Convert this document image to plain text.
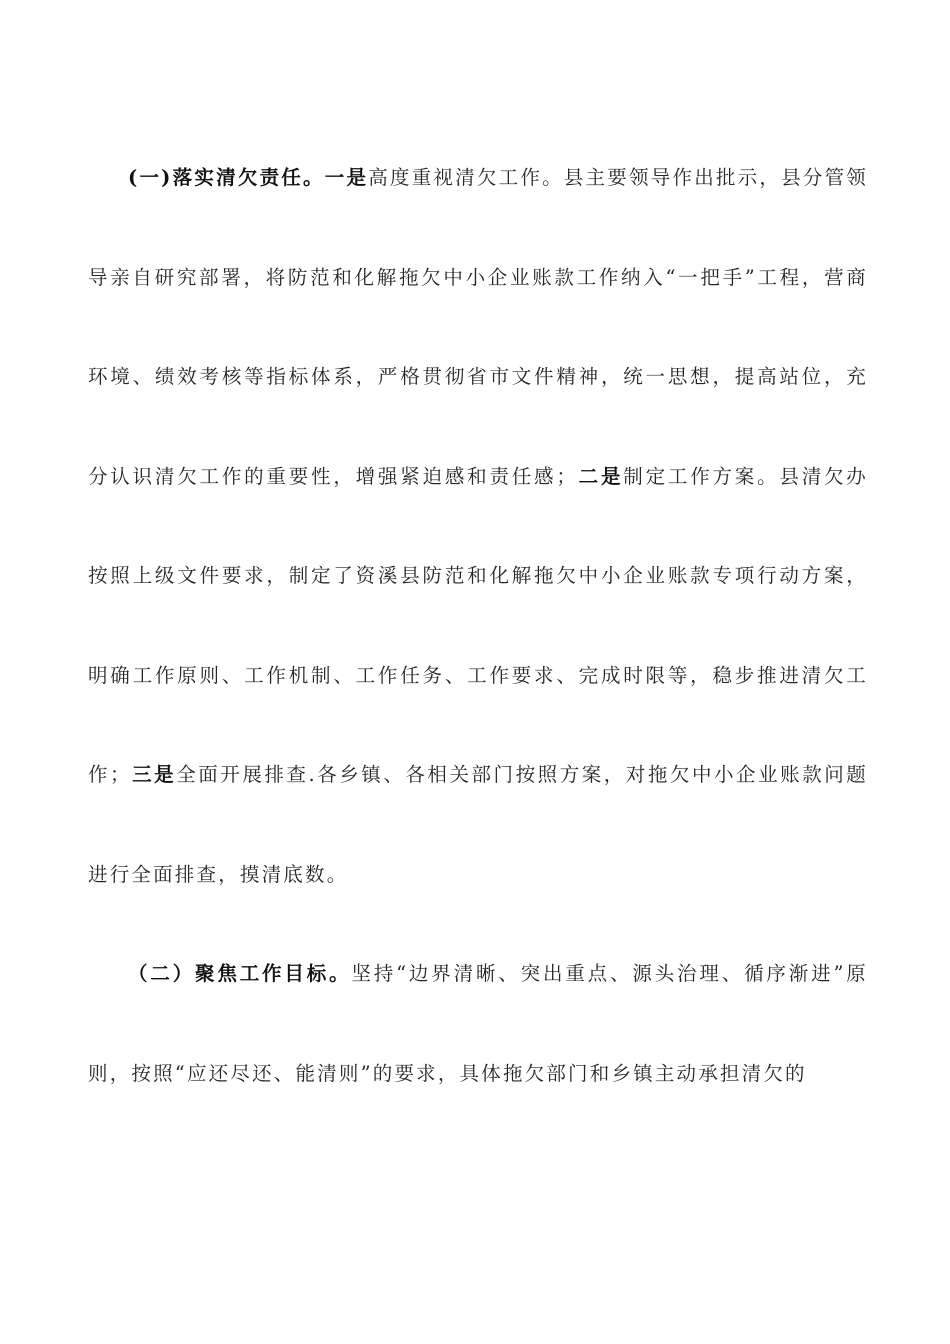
(一)落实清欠责任。一是高度重视清欠工作。县主要领导作出批示，县分管领导亲自研究部署，将防范和化解拖欠中小企业账款工作纳入“一把手”工程，营商环境、绩效考核等指标体系，严格贯彻省市文件精神，统一思想，提高站位，充分认识清欠工作的重要性，增强紧迫感和责任感；二是制定工作方案。县清欠办按照上级文件要求，制定了资溪县防范和化解拖欠中小企业账款专项行动方案，明确工作原则、工作机制、工作任务、工作要求、完成时限等，稳步推进清欠工作；三是全面开展排查.各乡镇、各相关部门按照方案，对拖欠中小企业账款问题进行全面排查，摸清底数。

（二）聚焦工作目标。坚持“边界清晰、突出重点、源头治理、循序渐进”原则，按照“应还尽还、能清则”的要求，具体拖欠部门和乡镇主动承担清欠的
